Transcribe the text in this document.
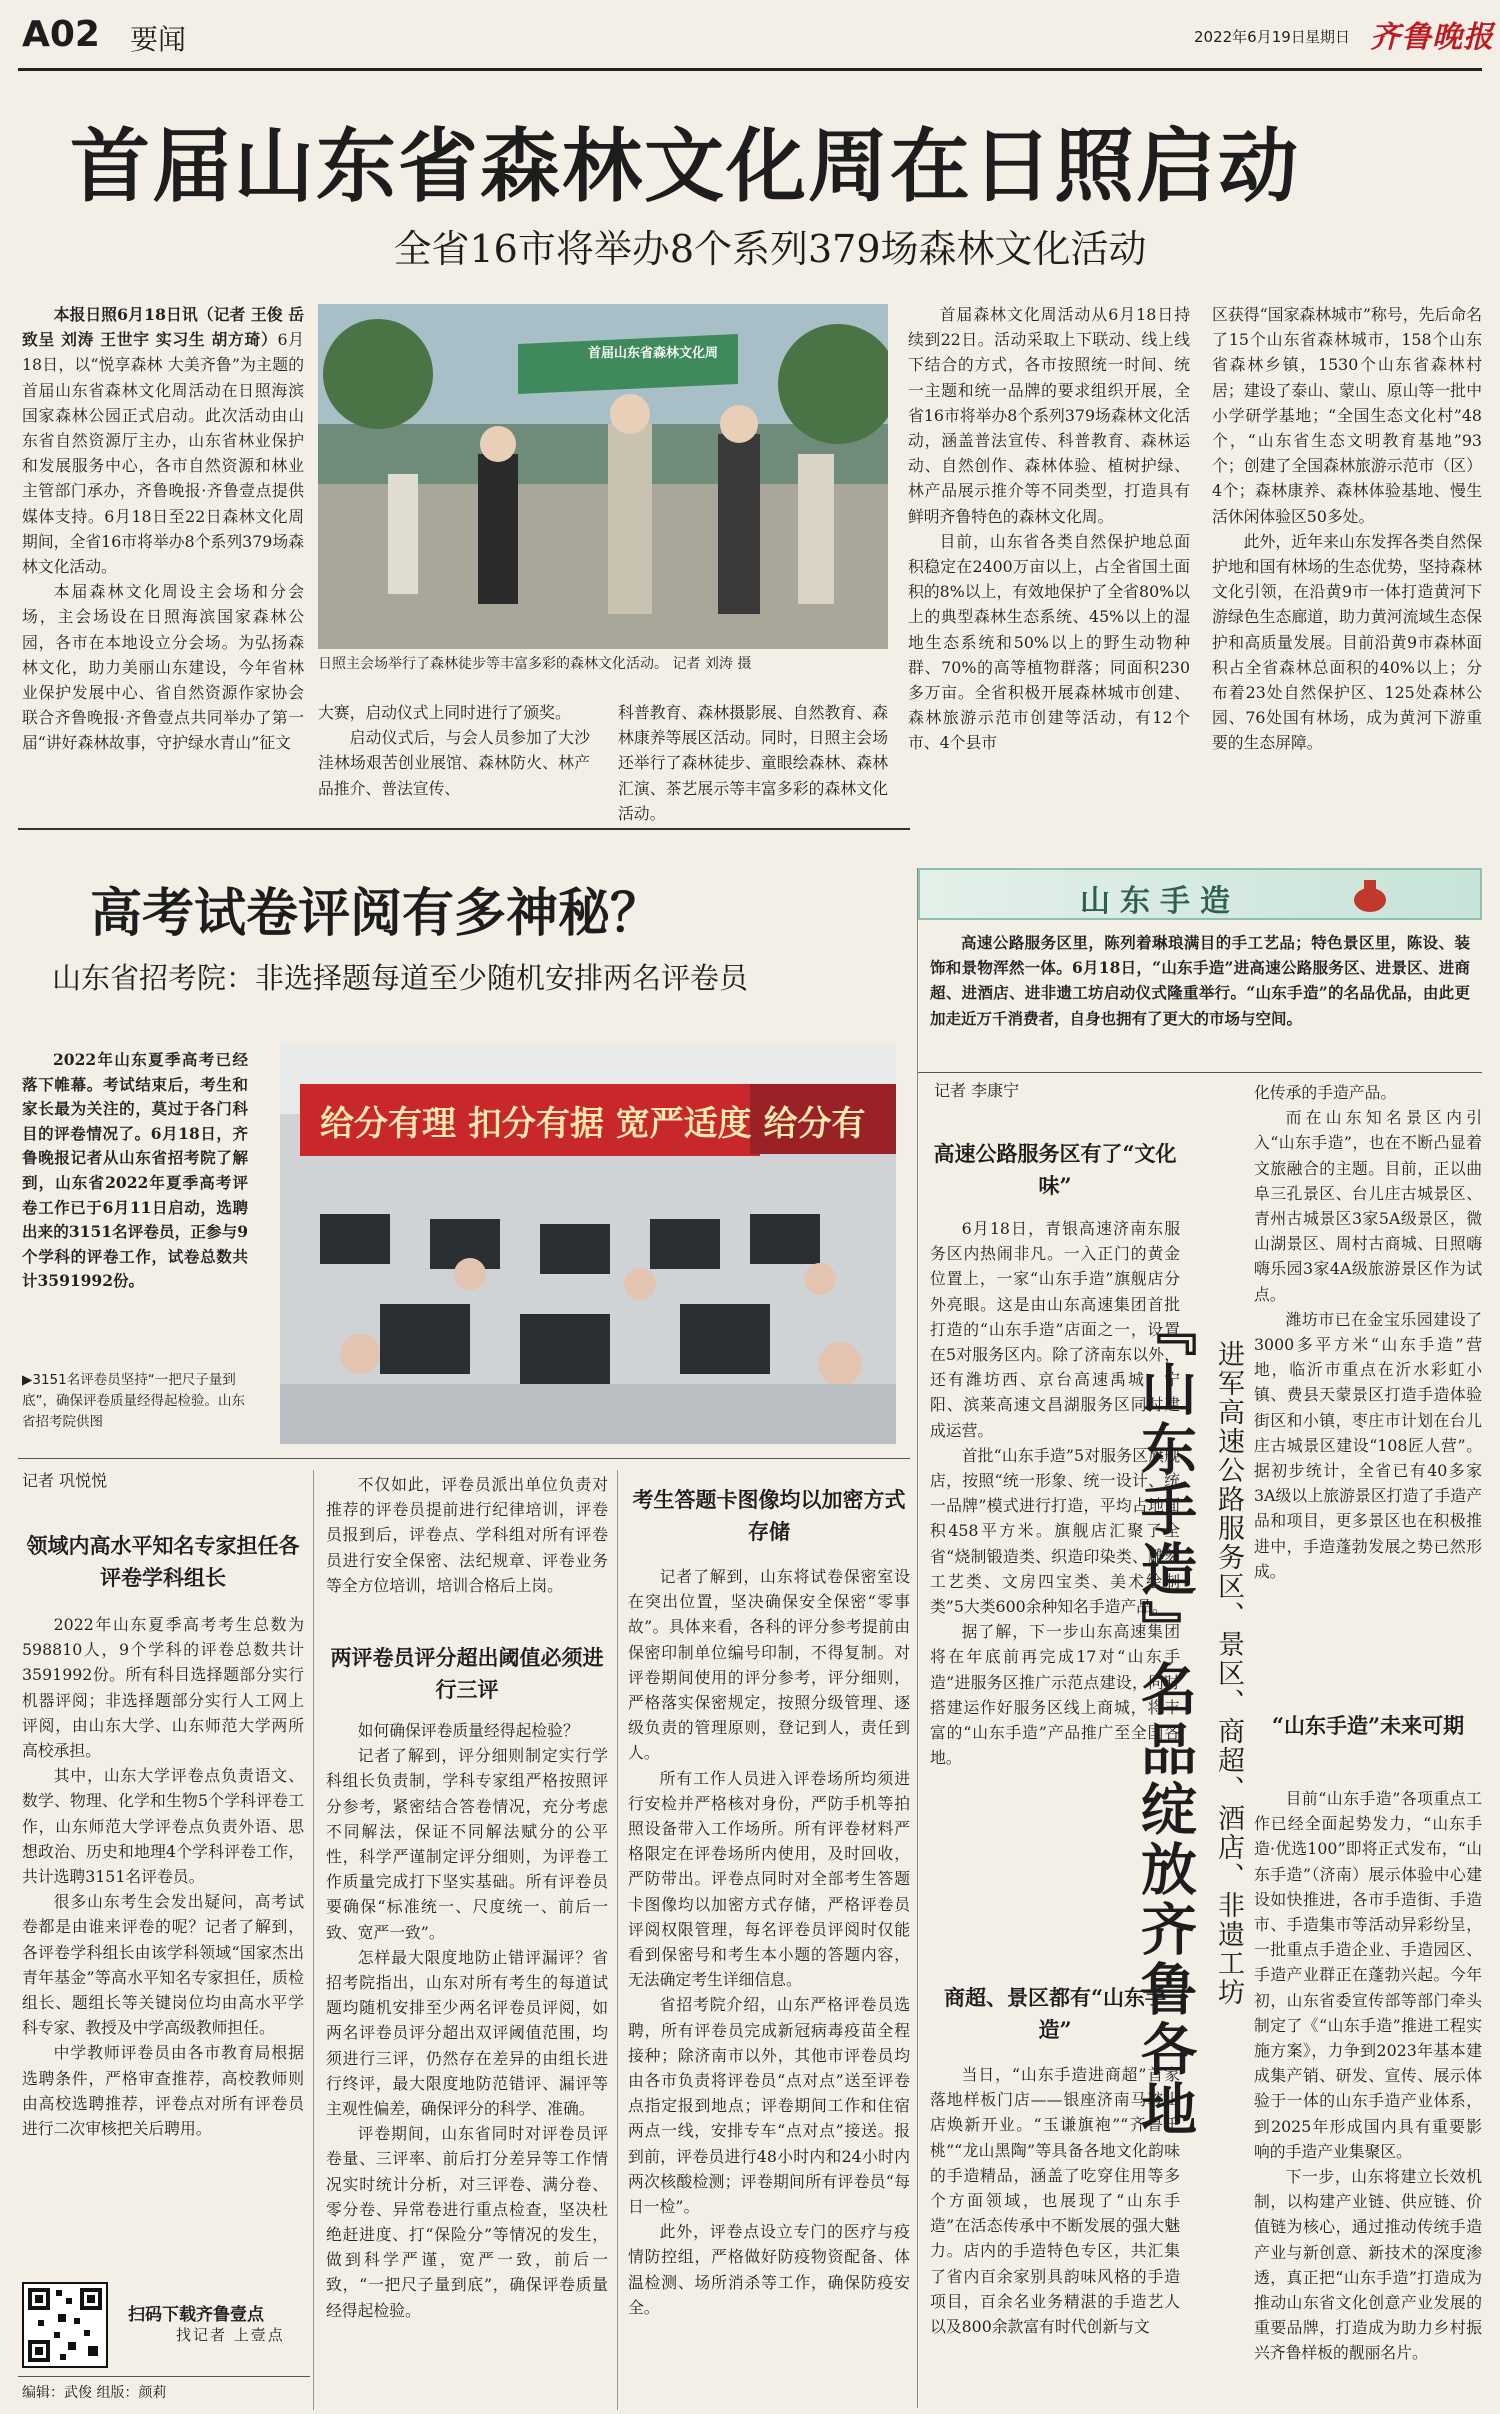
A02 要闻	2022年6月19日 星期日 齐鲁晚报
首届山东省森林文化周在日照启动
全省16市将举办8个系列379场森林文化活动

本报日照6月18日讯（记者 王俊 岳致呈 刘涛 王世宇 实习生 胡方琦）6月18日，以“悦享森林 大美齐鲁”为主题的首届山东省森林文化周活动在日照海滨国家森林公园正式启动。此次活动由山东省自然资源厅主办，山东省林业保护和发展服务中心，各市自然资源和林业主管部门承办，齐鲁晚报·齐鲁壹点提供媒体支持。6月18日至22日森林文化周期间，全省16市将举办8个系列379场森林文化活动。

本届森林文化周设主会场和分会场，主会场设在日照海滨国家森林公园，各市在本地设立分会场。为弘扬森林文化，助力美丽山东建设，今年省林业保护发展中心、省自然资源作家协会联合齐鲁晚报·齐鲁壹点共同举办了第一届“讲好森林故事，守护绿水青山”征文

首届山东省森林文化周
日照主会场举行了森林徒步等丰富多彩的森林文化活动。 记者 刘涛 摄

大赛，启动仪式上同时进行了颁奖。

启动仪式后，与会人员参加了大沙洼林场艰苦创业展馆、森林防火、林产品推介、普法宣传、

科普教育、森林摄影展、自然教育、森林康养等展区活动。同时，日照主会场还举行了森林徒步、童眼绘森林、森林汇演、茶艺展示等丰富多彩的森林文化活动。

首届森林文化周活动从6月18日持续到22日。活动采取上下联动、线上线下结合的方式，各市按照统一时间、统一主题和统一品牌的要求组织开展，全省16市将举办8个系列379场森林文化活动，涵盖普法宣传、科普教育、森林运动、自然创作、森林体验、植树护绿、林产品展示推介等不同类型，打造具有鲜明齐鲁特色的森林文化周。

目前，山东省各类自然保护地总面积稳定在2400万亩以上，占全省国土面积的8%以上，有效地保护了全省80%以上的典型森林生态系统、45%以上的湿地生态系统和50%以上的野生动物种群、70%的高等植物群落；同面积230多万亩。全省积极开展森林城市创建、森林旅游示范市创建等活动，有12个市、4个县市

区获得“国家森林城市”称号，先后命名了15个山东省森林城市，158个山东省森林乡镇，1530个山东省森林村居；建设了泰山、蒙山、原山等一批中小学研学基地；“全国生态文化村”48个，“山东省生态文明教育基地”93个；创建了全国森林旅游示范市（区）4个；森林康养、森林体验基地、慢生活休闲体验区50多处。

此外，近年来山东发挥各类自然保护地和国有林场的生态优势，坚持森林文化引领，在沿黄9市一体打造黄河下游绿色生态廊道，助力黄河流域生态保护和高质量发展。目前沿黄9市森林面积占全省森林总面积的40%以上；分布着23处自然保护区、125处森林公园、76处国有林场，成为黄河下游重要的生态屏障。

高考试卷评阅有多神秘？
山东省招考院：非选择题每道至少随机安排两名评卷员
2022年山东夏季高考已经落下帷幕。考试结束后，考生和家长最为关注的，莫过于各门科目的评卷情况了。6月18日，齐鲁晚报记者从山东省招考院了解到，山东省2022年夏季高考评卷工作已于6月11日启动，选聘出来的3151名评卷员，正参与9个学科的评卷工作，试卷总数共计3591992份。
给分有理 扣分有据 宽严适度 给分有
▶3151名评卷员坚持“一把尺子量到底”，确保评卷质量经得起检验。山东省招考院供图
记者 巩悦悦
领域内高水平知名专家担任各评卷学科组长

2022年山东夏季高考考生总数为598810人，9个学科的评卷总数共计3591992份。所有科目选择题部分实行机器评阅；非选择题部分实行人工网上评阅，由山东大学、山东师范大学两所高校承担。

其中，山东大学评卷点负责语文、数学、物理、化学和生物5个学科评卷工作，山东师范大学评卷点负责外语、思想政治、历史和地理4个学科评卷工作，共计选聘3151名评卷员。

很多山东考生会发出疑问，高考试卷都是由谁来评卷的呢？记者了解到，各评卷学科组长由该学科领域“国家杰出青年基金”等高水平知名专家担任，质检组长、题组长等关键岗位均由高水平学科专家、教授及中学高级教师担任。

中学教师评卷员由各市教育局根据选聘条件，严格审查推荐，高校教师则由高校选聘推荐，评卷点对所有评卷员进行二次审核把关后聘用。

扫码下载齐鲁壹点
找记者 上壹点
编辑：武俊 组版：颜莉

不仅如此，评卷员派出单位负责对推荐的评卷员提前进行纪律培训，评卷员报到后，评卷点、学科组对所有评卷员进行安全保密、法纪规章、评卷业务等全方位培训，培训合格后上岗。

两评卷员评分超出阈值必须进行三评

如何确保评卷质量经得起检验？

记者了解到，评分细则制定实行学科组长负责制，学科专家组严格按照评分参考，紧密结合答卷情况，充分考虑不同解法，保证不同解法赋分的公平性，科学严谨制定评分细则，为评卷工作质量完成打下坚实基础。所有评卷员要确保“标准统一、尺度统一、前后一致、宽严一致”。

怎样最大限度地防止错评漏评？省招考院指出，山东对所有考生的每道试题均随机安排至少两名评卷员评阅，如两名评卷员评分超出双评阈值范围，均须进行三评，仍然存在差异的由组长进行终评，最大限度地防范错评、漏评等主观性偏差，确保评分的科学、准确。

评卷期间，山东省同时对评卷员评卷量、三评率、前后打分差异等工作情况实时统计分析，对三评卷、满分卷、零分卷、异常卷进行重点检查，坚决杜绝赶进度、打“保险分”等情况的发生，做到科学严谨，宽严一致，前后一致，“一把尺子量到底”，确保评卷质量经得起检验。

考生答题卡图像均以加密方式存储

记者了解到，山东将试卷保密室设在突出位置，坚决确保安全保密“零事故”。具体来看，各科的评分参考提前由保密印制单位编号印制，不得复制。对评卷期间使用的评分参考，评分细则，严格落实保密规定，按照分级管理、逐级负责的管理原则，登记到人，责任到人。

所有工作人员进入评卷场所均须进行安检并严格核对身份，严防手机等拍照设备带入工作场所。所有评卷材料严格限定在评卷场所内使用，及时回收，严防带出。评卷点同时对全部考生答题卡图像均以加密方式存储，严格评卷员评阅权限管理，每名评卷员评阅时仅能看到保密号和考生本小题的答题内容，无法确定考生详细信息。

省招考院介绍，山东严格评卷员选聘，所有评卷员完成新冠病毒疫苗全程接种；除济南市以外，其他市评卷员均由各市负责将评卷员“点对点”送至评卷点指定报到地点；评卷期间工作和住宿两点一线，安排专车“点对点”接送。报到前，评卷员进行48小时内和24小时内两次核酸检测；评卷期间所有评卷员“每日一检”。

此外，评卷点设立专门的医疗与疫情防控组，严格做好防疫物资配备、体温检测、场所消杀等工作，确保防疫安全。

山东手造
高速公路服务区里，陈列着琳琅满目的手工艺品；特色景区里，陈设、装饰和景物浑然一体。6月18日，“山东手造”进高速公路服务区、进景区、进商超、进酒店、进非遗工坊启动仪式隆重举行。“山东手造”的名品优品，由此更加走近万千消费者，自身也拥有了更大的市场与空间。
记者 李康宁
高速公路服务区有了“文化味”

6月18日，青银高速济南东服务区内热闹非凡。一入正门的黄金位置上，一家“山东手造”旗舰店分外亮眼。这是由山东高速集团首批打造的“山东手造”店面之一，设置在5对服务区内。除了济南东以外，还有潍坊西、京台高速禹城、宁阳、滨莱高速文昌湖服务区同时建成运营。

首批“山东手造”5对服务区旗舰店，按照“统一形象、统一设计、统一品牌”模式进行打造，平均占地面积458平方米。旗舰店汇聚了全省“烧制锻造类、织造印染类、雕刻工艺类、文房四宝类、美术绘制类”5大类600余种知名手造产品。

据了解，下一步山东高速集团将在年底前再完成17对“山东手造”进服务区推广示范点建设，同时搭建运作好服务区线上商城，将丰富的“山东手造”产品推广至全国各地。

商超、景区都有“山东手造”

当日，“山东手造进商超”首家落地样板门店——银座济南马鞍山店焕新开业。“玉谦旗袍”“齐鲁千桃”“龙山黑陶”等具备各地文化韵味的手造精品，涵盖了吃穿住用等多个方面领域，也展现了“山东手造”在活态传承中不断发展的强大魅力。店内的手造特色专区，共汇集了省内百余家别具韵味风格的手造项目，百余名业务精湛的手造艺人以及800余款富有时代创新与文

『山东手造』名品绽放齐鲁各地 进军高速公路服务区、景区、商超、酒店、非遗工坊

化传承的手造产品。

而在山东知名景区内引入“山东手造”，也在不断凸显着文旅融合的主题。目前，正以曲阜三孔景区、台儿庄古城景区、青州古城景区3家5A级景区，微山湖景区、周村古商城、日照嗨嗨乐园3家4A级旅游景区作为试点。

潍坊市已在金宝乐园建设了3000多平方米“山东手造”营地，临沂市重点在沂水彩虹小镇、费县天蒙景区打造手造体验街区和小镇，枣庄市计划在台儿庄古城景区建设“108匠人营”。据初步统计，全省已有40多家3A级以上旅游景区打造了手造产品和项目，更多景区也在积极推进中，手造蓬勃发展之势已然形成。

“山东手造”未来可期

目前“山东手造”各项重点工作已经全面起势发力，“山东手造·优选100”即将正式发布，“山东手造”（济南）展示体验中心建设如快推进，各市手造街、手造市、手造集市等活动异彩纷呈，一批重点手造企业、手造园区、手造产业群正在蓬勃兴起。今年初，山东省委宣传部等部门牵头制定了《“山东手造”推进工程实施方案》，力争到2023年基本建成集产销、研发、宣传、展示体验于一体的山东手造产业体系，到2025年形成国内具有重要影响的手造产业集聚区。

下一步，山东将建立长效机制，以构建产业链、供应链、价值链为核心，通过推动传统手造产业与新创意、新技术的深度渗透，真正把“山东手造”打造成为推动山东省文化创意产业发展的重要品牌，打造成为助力乡村振兴齐鲁样板的靓丽名片。
